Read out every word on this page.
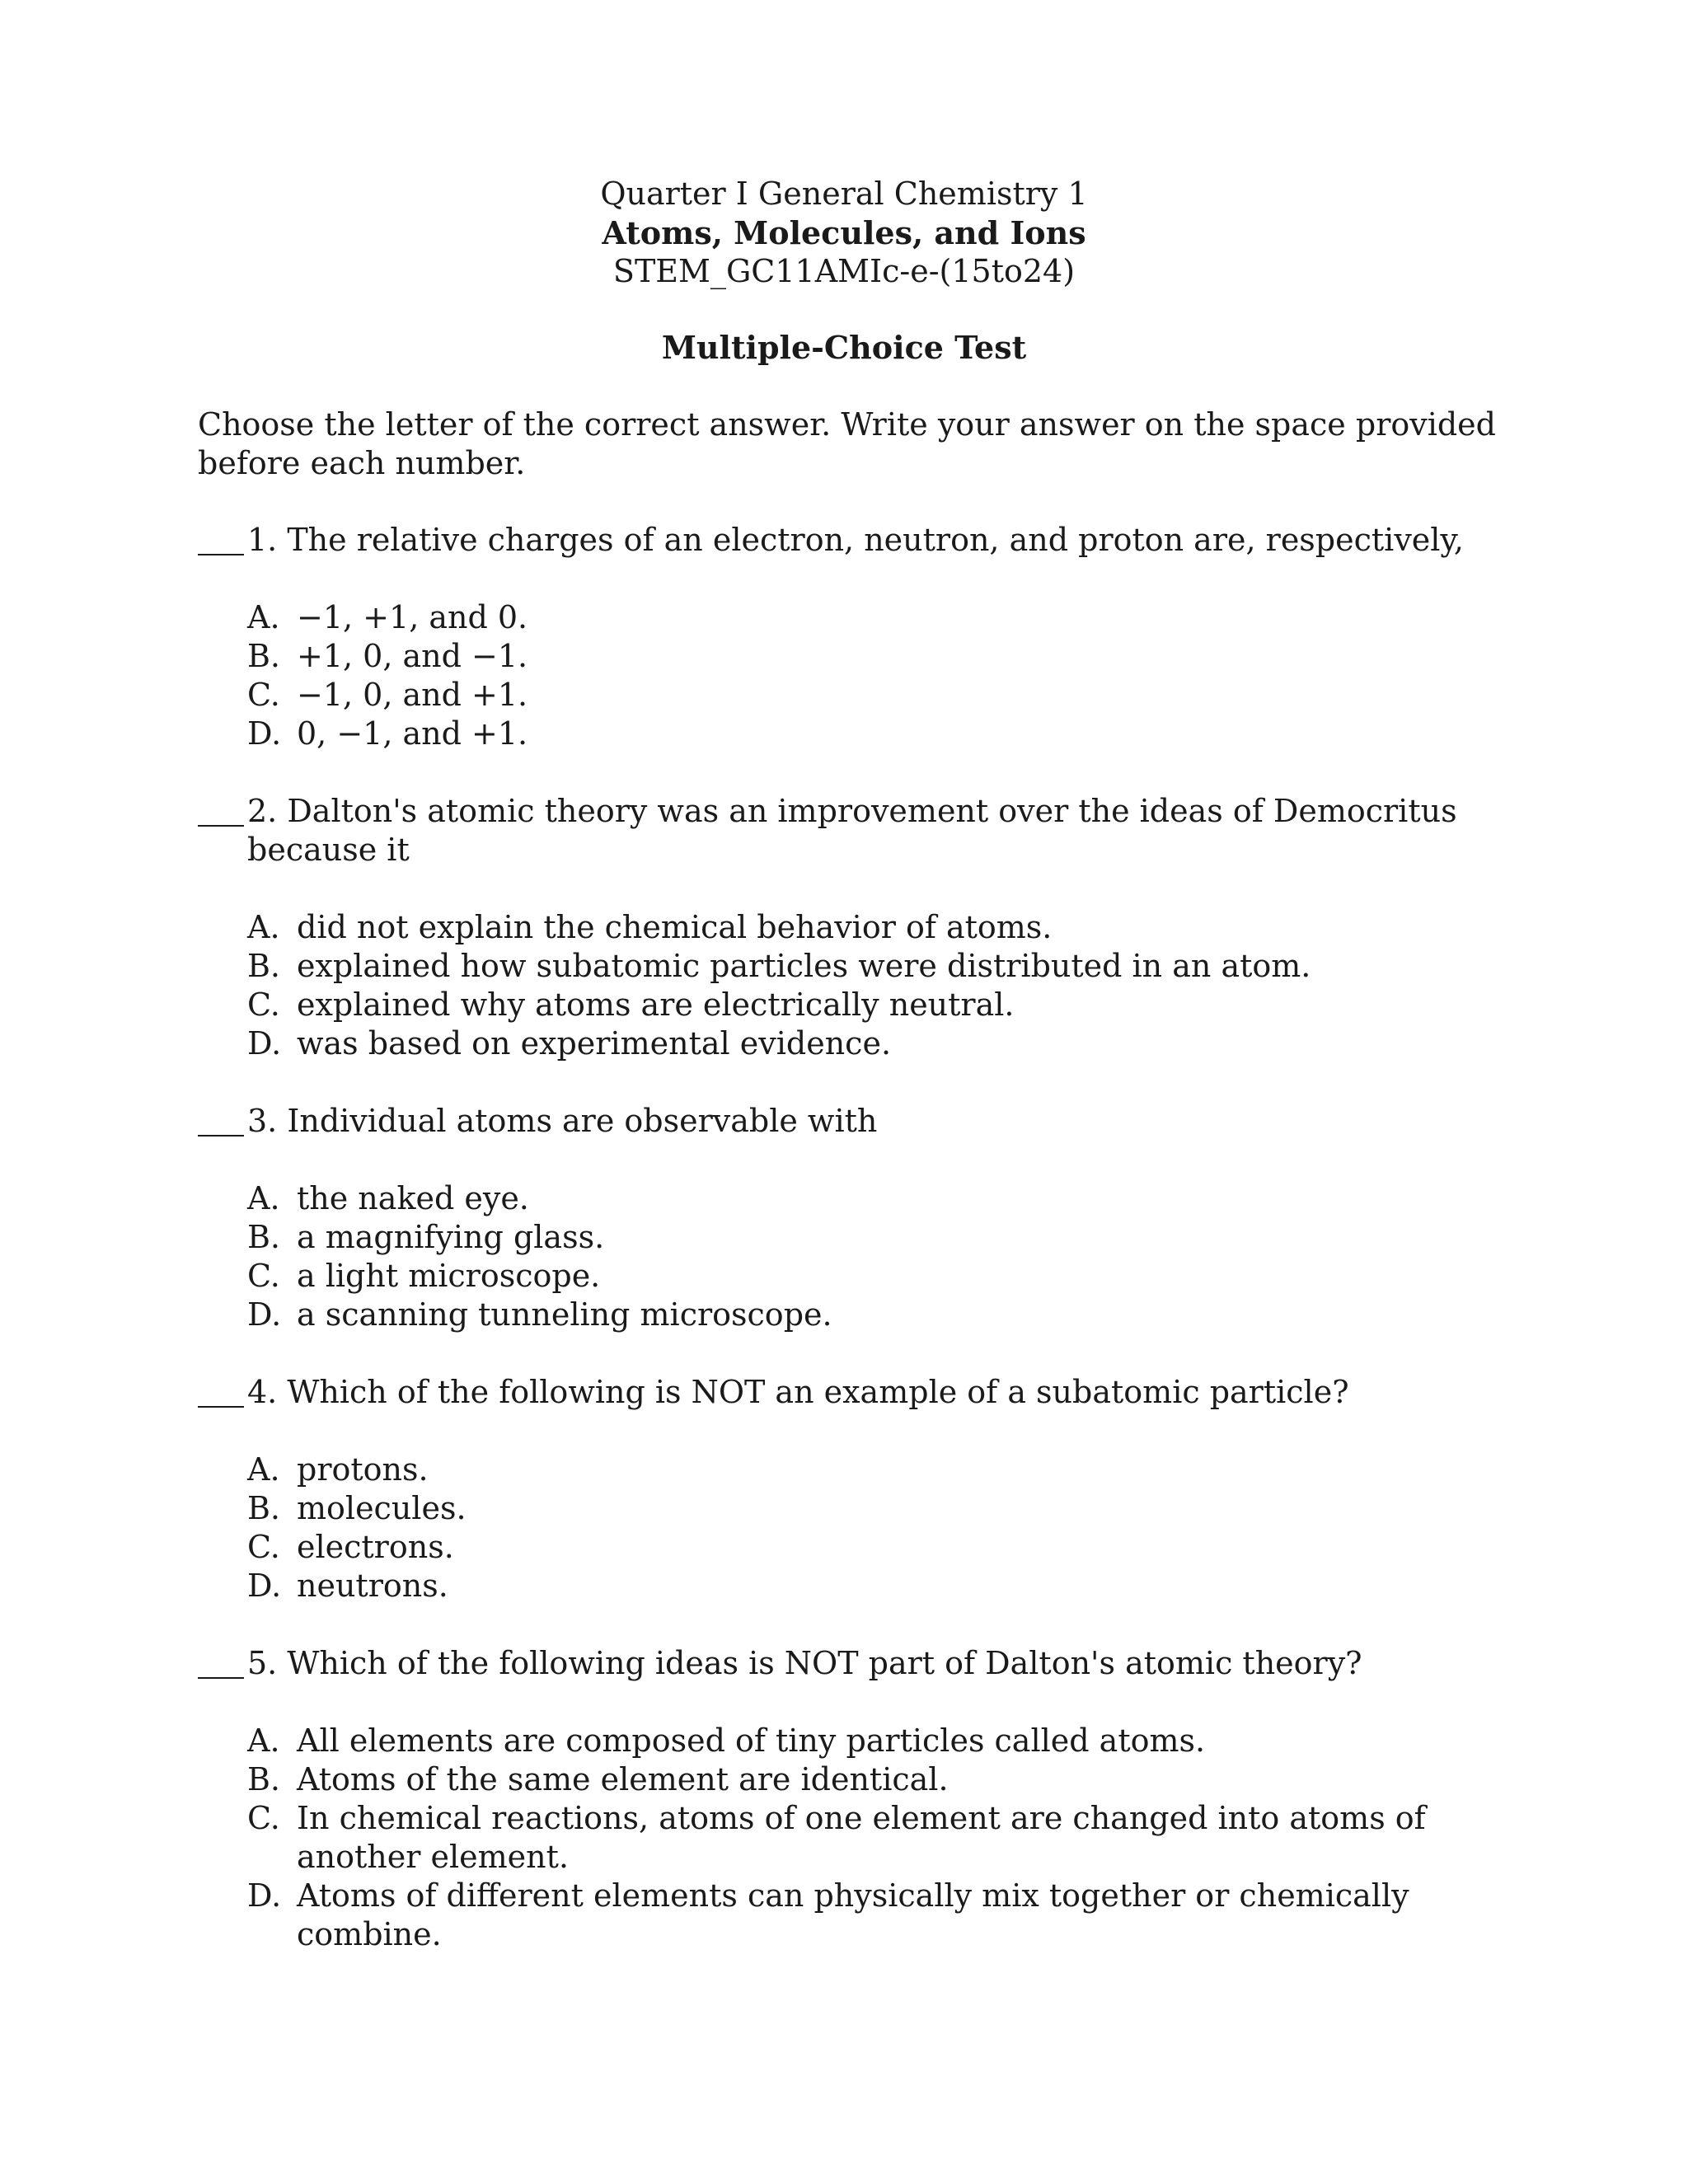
Quarter I General Chemistry 1
Atoms, Molecules, and Ions
STEM_GC11AMIc-e-(15to24)
Multiple-Choice Test
Choose the letter of the correct answer. Write your answer on the space provided before each number.
1. The relative charges of an electron, neutron, and proton are, respectively,
A. −1, +1, and 0.
B. +1, 0, and −1.
C. −1, 0, and +1.
D. 0, −1, and +1.
2. Dalton's atomic theory was an improvement over the ideas of Democritus because it
A. did not explain the chemical behavior of atoms.
B. explained how subatomic particles were distributed in an atom.
C. explained why atoms are electrically neutral.
D. was based on experimental evidence.
3. Individual atoms are observable with
A. the naked eye.
B. a magnifying glass.
C. a light microscope.
D. a scanning tunneling microscope.
4. Which of the following is NOT an example of a subatomic particle?
A. protons.
B. molecules.
C. electrons.
D. neutrons.
5. Which of the following ideas is NOT part of Dalton's atomic theory?
A. All elements are composed of tiny particles called atoms.
B. Atoms of the same element are identical.
C. In chemical reactions, atoms of one element are changed into atoms of another element.
D. Atoms of different elements can physically mix together or chemically combine.
